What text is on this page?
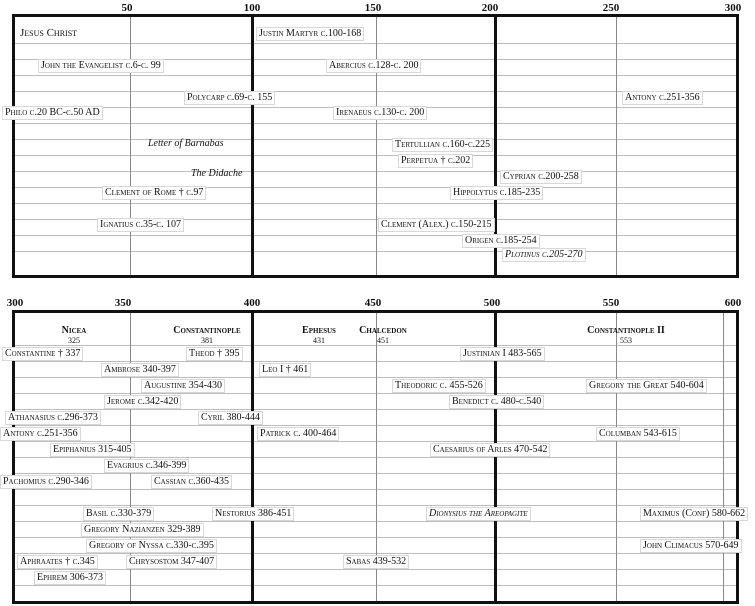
50	100	150	200	250	300
Jesus Christ	Justin Martyr c.100-168
John the Evangelist c.6-c. 99	Abercius c.128-c. 200
Polycarp c.69-c. 155	Antony c.251-356
Philo c.20 BC-c.50 AD	Irenaeus c.130-c. 200
Letter of Barnabas	Tertullian c.160-c.225
Perpetua † c.202
The Didache	Cyprian c.200-258
Clement of Rome † c.97	Hippolytus c.185-235
Ignatius c.35-c. 107	Clement (Alex.) c.150-215
Origen c.185-254
Plotinus c.205-270
300	350	400	450	500	550	600
Nicea
325
Constantinople
381
Ephesus
431
Chalcedon
451
Constantinople II
553
Constantine † 337	Theod † 395	Justinian I 483-565
Ambrose 340-397	Leo I † 461
Augustine 354-430	Theodoric c. 455-526	Gregory the Great 540-604
Jerome c.342-420	Benedict c. 480-c.540
Athanasius c.296-373	Cyril 380-444
Antony c.251-356	Patrick c. 400-464	Columban 543-615
Epiphanius 315-405	Caesarius of Arles 470-542
Evagrius c.346-399
Pachomius c.290-346	Cassian c.360-435
Basil c.330-379	Nestorius 386-451	Dionysius the Areopagite	Maximus (Conf) 580-662
Gregory Nazianzen 329-389
Gregory of Nyssa c.330-c.395	John Climacus 570-649
Aphraates † c.345	Chrysostom 347-407	Sabas 439-532
Ephrem 306-373
